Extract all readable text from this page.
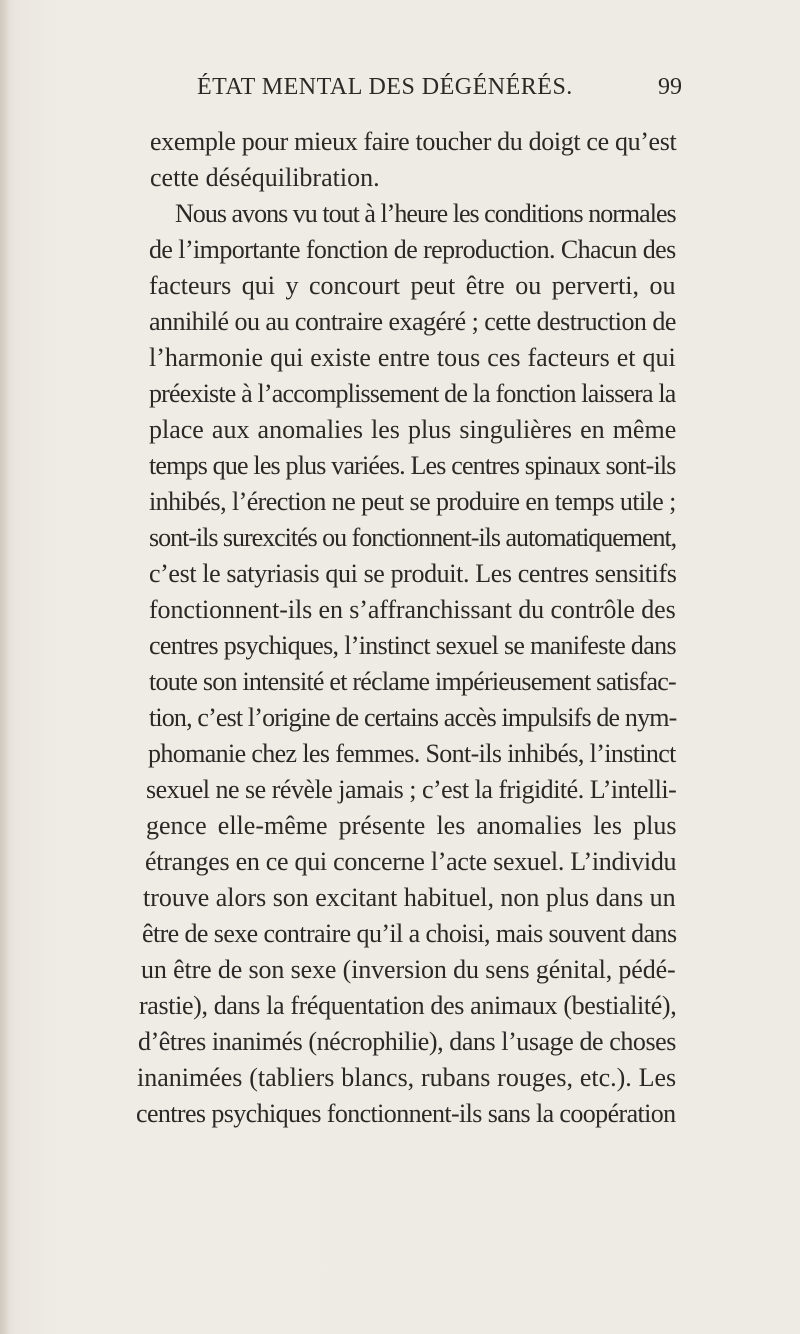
ÉTAT MENTAL DES DÉGÉNÉRÉS.	99
exemple pour mieux faire toucher du doigt ce qu’est
cette déséquilibration.
Nous avons vu tout à l’heure les conditions normales
de l’importante fonction de reproduction. Chacun des
facteurs qui y concourt peut être ou perverti, ou
annihilé ou au contraire exagéré ; cette destruction de
l’harmonie qui existe entre tous ces facteurs et qui
préexiste à l’accomplissement de la fonction laissera la
place aux anomalies les plus singulières en même
temps que les plus variées. Les centres spinaux sont-ils
inhibés, l’érection ne peut se produire en temps utile ;
sont-ils surexcités ou fonctionnent-ils automatiquement,
c’est le satyriasis qui se produit. Les centres sensitifs
fonctionnent-ils en s’affranchissant du contrôle des
centres psychiques, l’instinct sexuel se manifeste dans
toute son intensité et réclame impérieusement satisfac-
tion, c’est l’origine de certains accès impulsifs de nym-
phomanie chez les femmes. Sont-ils inhibés, l’instinct
sexuel ne se révèle jamais ; c’est la frigidité. L’intelli-
gence elle-même présente les anomalies les plus
étranges en ce qui concerne l’acte sexuel. L’individu
trouve alors son excitant habituel, non plus dans un
être de sexe contraire qu’il a choisi, mais souvent dans
un être de son sexe (inversion du sens génital, pédé-
rastie), dans la fréquentation des animaux (bestialité),
d’êtres inanimés (nécrophilie), dans l’usage de choses
inanimées (tabliers blancs, rubans rouges, etc.). Les
centres psychiques fonctionnent-ils sans la coopération
